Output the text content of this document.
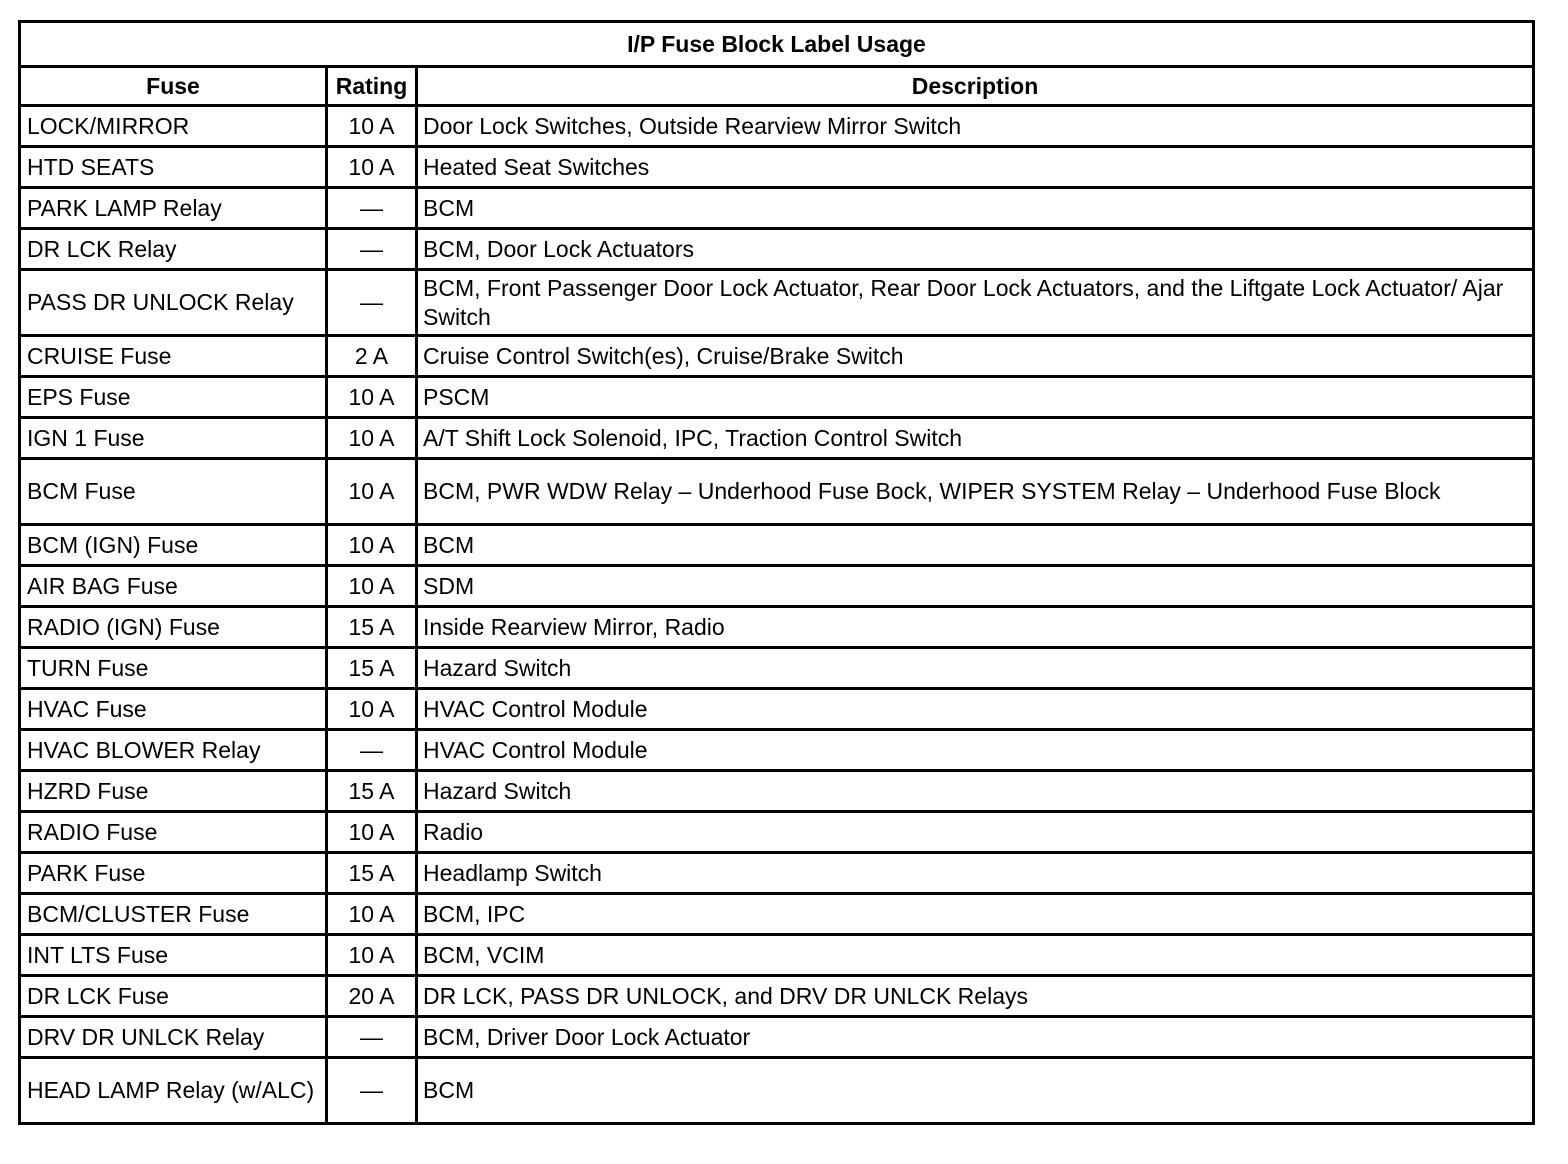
I/P Fuse Block Label Usage		
Fuse	Rating	Description
LOCK/MIRROR	10 A	Door Lock Switches, Outside Rearview Mirror Switch
HTD SEATS	10 A	Heated Seat Switches
PARK LAMP Relay	—	BCM
DR LCK Relay	—	BCM, Door Lock Actuators
PASS DR UNLOCK Relay	—	BCM, Front Passenger Door Lock Actuator, Rear Door Lock Actuators, and the Liftgate Lock Actuator/ Ajar Switch
CRUISE Fuse	2 A	Cruise Control Switch(es), Cruise/Brake Switch
EPS Fuse	10 A	PSCM
IGN 1 Fuse	10 A	A/T Shift Lock Solenoid, IPC, Traction Control Switch
BCM Fuse	10 A	BCM, PWR WDW Relay – Underhood Fuse Bock, WIPER SYSTEM Relay – Underhood Fuse Block
BCM (IGN) Fuse	10 A	BCM
AIR BAG Fuse	10 A	SDM
RADIO (IGN) Fuse	15 A	Inside Rearview Mirror, Radio
TURN Fuse	15 A	Hazard Switch
HVAC Fuse	10 A	HVAC Control Module
HVAC BLOWER Relay	—	HVAC Control Module
HZRD Fuse	15 A	Hazard Switch
RADIO Fuse	10 A	Radio
PARK Fuse	15 A	Headlamp Switch
BCM/CLUSTER Fuse	10 A	BCM, IPC
INT LTS Fuse	10 A	BCM, VCIM
DR LCK Fuse	20 A	DR LCK, PASS DR UNLOCK, and DRV DR UNLCK Relays
DRV DR UNLCK Relay	—	BCM, Driver Door Lock Actuator
HEAD LAMP Relay (w/ALC)	—	BCM
